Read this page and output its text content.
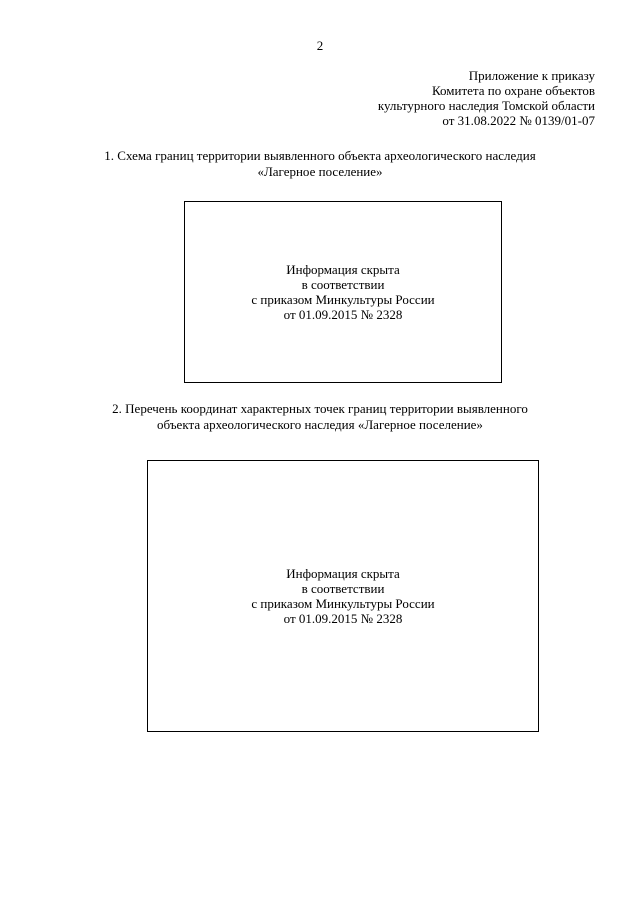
2
Приложение к приказу
Комитета по охране объектов
культурного наследия Томской области
от 31.08.2022 № 0139/01-07
1. Схема границ территории выявленного объекта археологического наследия
«Лагерное поселение»
Информация скрыта
в соответствии
с приказом Минкультуры России
от 01.09.2015 № 2328
2. Перечень координат характерных точек границ территории выявленного
объекта археологического наследия «Лагерное поселение»
Информация скрыта
в соответствии
с приказом Минкультуры России
от 01.09.2015 № 2328
